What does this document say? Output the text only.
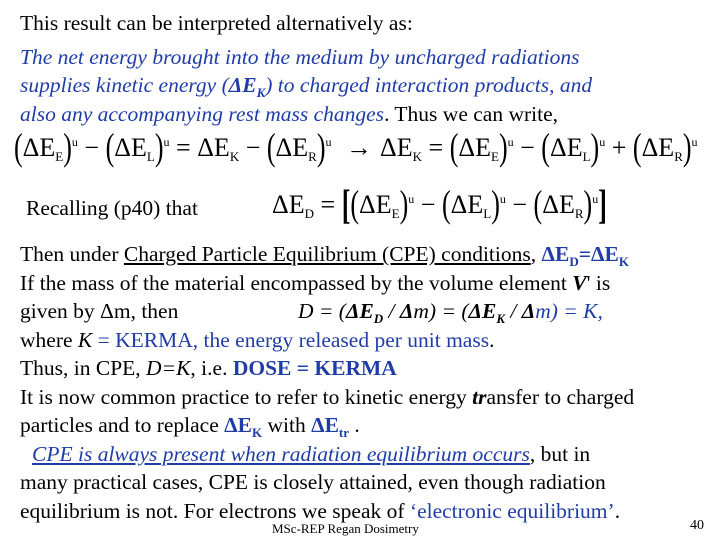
This result can be interpreted alternatively as:
The net energy brought into the medium by uncharged radiations
supplies kinetic energy $(\Delta E_K)$ to charged interaction products, and
also any accompanying rest mass changes. Thus we can write,
$(\Delta EE)^u - (\Delta EL)^u = \Delta EK - (\Delta ER)^u \to \Delta EK = (\Delta EE)^u - (\Delta EL)^u + (\Delta ER)^u$
Recalling (p40) that	$\Delta ED = [(\Delta EE)^u - (\Delta EL)^u - (\Delta ER)^u]$
Then under Charged Particle Equilibrium (CPE) conditions, $\Delta E_D=\Delta E_K$
If the mass of the material encompassed by the volume element V' is
given by Δm, then	$D = (\Delta E_D / \Delta m) = (\Delta E_K / \Delta m) = K$,
where K = KERMA, the energy released per unit mass.
Thus, in CPE, D=K, i.e. DOSE = KERMA
It is now common practice to refer to kinetic energy transfer to charged
particles and to replace $\Delta E_K$ with $\Delta E_{tr}$ .
CPE is always present when radiation equilibrium occurs, but in
many practical cases, CPE is closely attained, even though radiation
equilibrium is not. For electrons we speak of ‘electronic equilibrium’.
MSc-REP Regan Dosimetry	40
